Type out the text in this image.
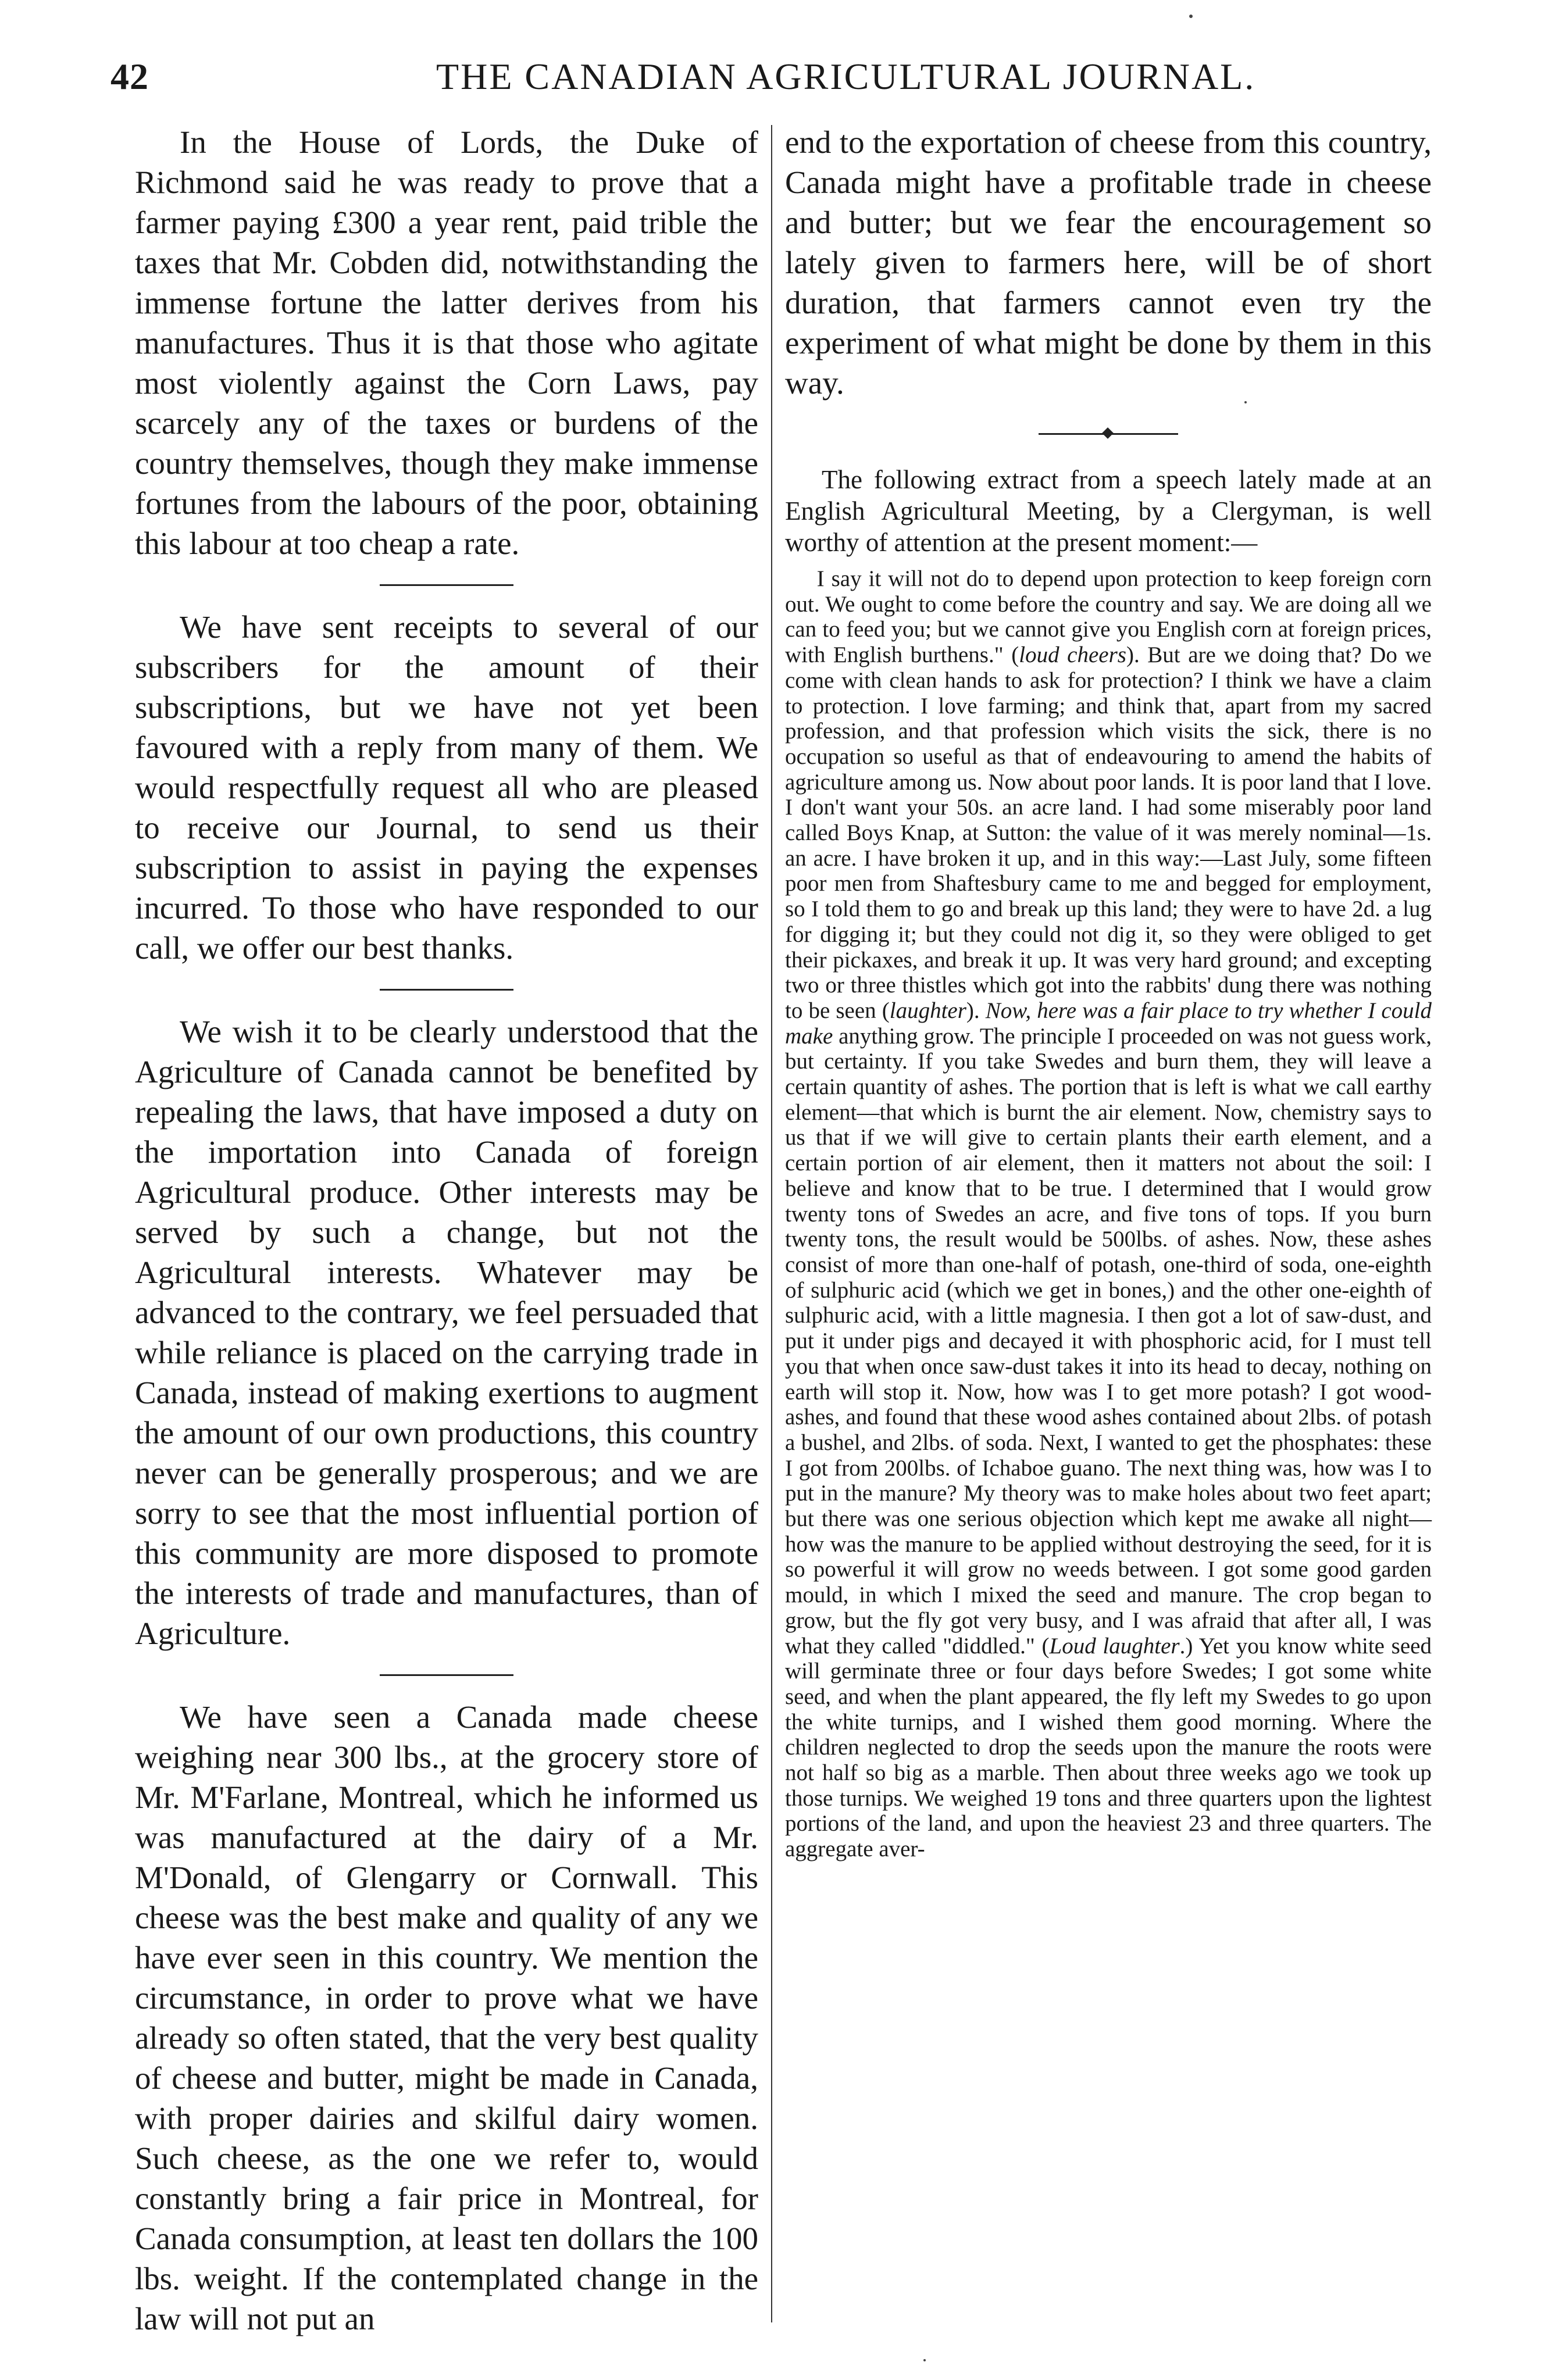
42	THE CANADIAN AGRICULTURAL JOURNAL.

In the House of Lords, the Duke of Richmond said he was ready to prove that a farmer paying £300 a year rent, paid trible the taxes that Mr. Cobden did, notwithstanding the immense fortune the latter derives from his manufactures. Thus it is that those who agitate most violently against the Corn Laws, pay scarcely any of the taxes or burdens of the country themselves, though they make immense fortunes from the labours of the poor, obtaining this labour at too cheap a rate.

We have sent receipts to several of our subscribers for the amount of their subscriptions, but we have not yet been favoured with a reply from many of them. We would respectfully request all who are pleased to receive our Journal, to send us their subscription to assist in paying the expenses incurred. To those who have responded to our call, we offer our best thanks.

We wish it to be clearly understood that the Agriculture of Canada cannot be benefited by repealing the laws, that have imposed a duty on the importation into Canada of foreign Agricultural produce. Other interests may be served by such a change, but not the Agricultural interests. Whatever may be advanced to the contrary, we feel persuaded that while reliance is placed on the carrying trade in Canada, instead of making exertions to augment the amount of our own productions, this country never can be generally prosperous; and we are sorry to see that the most influential portion of this community are more disposed to promote the interests of trade and manufactures, than of Agriculture.

We have seen a Canada made cheese weighing near 300 lbs., at the grocery store of Mr. M'Farlane, Montreal, which he informed us was manufactured at the dairy of a Mr. M'Donald, of Glengarry or Cornwall. This cheese was the best make and quality of any we have ever seen in this country. We mention the circumstance, in order to prove what we have already so often stated, that the very best quality of cheese and butter, might be made in Canada, with proper dairies and skilful dairy women. Such cheese, as the one we refer to, would constantly bring a fair price in Montreal, for Canada consumption, at least ten dollars the 100 lbs. weight. If the contemplated change in the law will not put an

end to the exportation of cheese from this country, Canada might have a profitable trade in cheese and butter; but we fear the encouragement so lately given to farmers here, will be of short duration, that farmers cannot even try the experiment of what might be done by them in this way.

The following extract from a speech lately made at an English Agricultural Meeting, by a Clergyman, is well worthy of attention at the present moment:—

I say it will not do to depend upon protection to keep foreign corn out. We ought to come before the country and say. We are doing all we can to feed you; but we cannot give you English corn at foreign prices, with English burthens." (loud cheers). But are we doing that? Do we come with clean hands to ask for protection? I think we have a claim to protection. I love farming; and think that, apart from my sacred profession, and that profession which visits the sick, there is no occupation so useful as that of endeavouring to amend the habits of agriculture among us. Now about poor lands. It is poor land that I love. I don't want your 50s. an acre land. I had some miserably poor land called Boys Knap, at Sutton: the value of it was merely nominal—1s. an acre. I have broken it up, and in this way:—Last July, some fifteen poor men from Shaftesbury came to me and begged for employment, so I told them to go and break up this land; they were to have 2d. a lug for digging it; but they could not dig it, so they were obliged to get their pickaxes, and break it up. It was very hard ground; and excepting two or three thistles which got into the rabbits' dung there was nothing to be seen (laughter). Now, here was a fair place to try whether I could make anything grow. The principle I proceeded on was not guess work, but certainty. If you take Swedes and burn them, they will leave a certain quantity of ashes. The portion that is left is what we call earthy element—that which is burnt the air element. Now, chemistry says to us that if we will give to certain plants their earth element, and a certain portion of air element, then it matters not about the soil: I believe and know that to be true. I determined that I would grow twenty tons of Swedes an acre, and five tons of tops. If you burn twenty tons, the result would be 500lbs. of ashes. Now, these ashes consist of more than one-half of potash, one-third of soda, one-eighth of sulphuric acid (which we get in bones,) and the other one-eighth of sulphuric acid, with a little magnesia. I then got a lot of saw-dust, and put it under pigs and decayed it with phosphoric acid, for I must tell you that when once saw-dust takes it into its head to decay, nothing on earth will stop it. Now, how was I to get more potash? I got wood-ashes, and found that these wood ashes contained about 2lbs. of potash a bushel, and 2lbs. of soda. Next, I wanted to get the phosphates: these I got from 200lbs. of Ichaboe guano. The next thing was, how was I to put in the manure? My theory was to make holes about two feet apart; but there was one serious objection which kept me awake all night—how was the manure to be applied without destroying the seed, for it is so powerful it will grow no weeds between. I got some good garden mould, in which I mixed the seed and manure. The crop began to grow, but the fly got very busy, and I was afraid that after all, I was what they called "diddled." (Loud laughter.) Yet you know white seed will germinate three or four days before Swedes; I got some white seed, and when the plant appeared, the fly left my Swedes to go upon the white turnips, and I wished them good morning. Where the children neglected to drop the seeds upon the manure the roots were not half so big as a marble. Then about three weeks ago we took up those turnips. We weighed 19 tons and three quarters upon the lightest portions of the land, and upon the heaviest 23 and three quarters. The aggregate aver-
